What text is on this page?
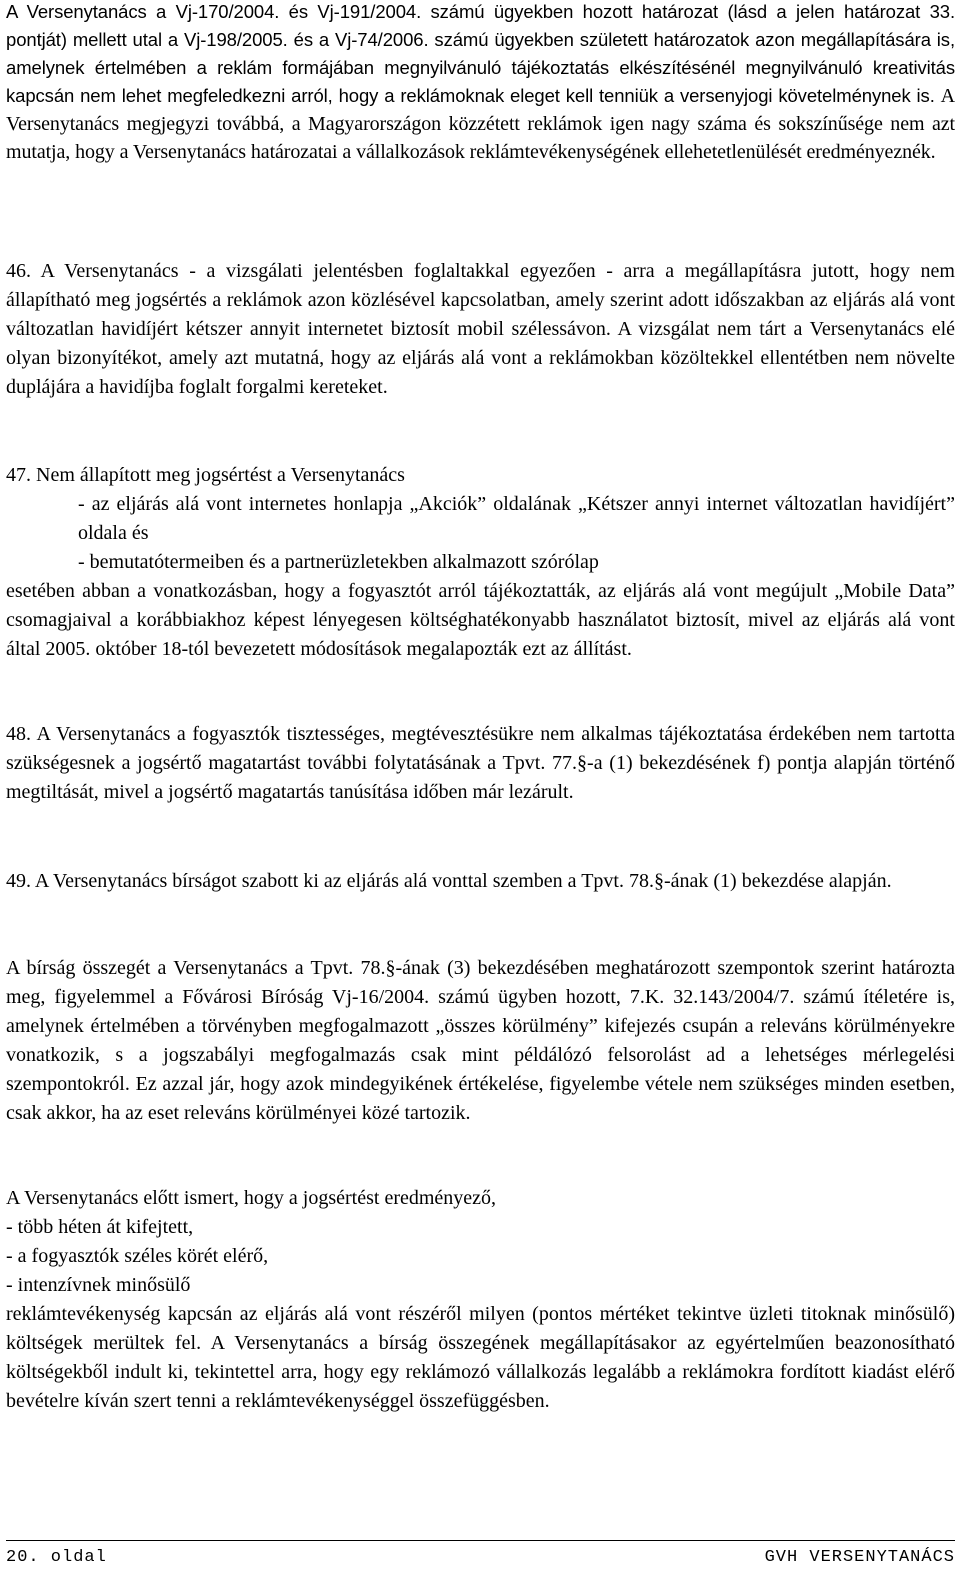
A Versenytanács a Vj-170/2004. és Vj-191/2004. számú ügyekben hozott határozat (lásd a jelen határozat 33. pontját) mellett utal a Vj-198/2005. és a Vj-74/2006. számú ügyekben született határozatok azon megállapítására is, amelynek értelmében a reklám formájában megnyilvánuló tájékoztatás elkészítésénél megnyilvánuló kreativitás kapcsán nem lehet megfeledkezni arról, hogy a reklámoknak eleget kell tenniük a versenyjogi követelménynek is. A Versenytanács megjegyzi továbbá, a Magyarországon közzétett reklámok igen nagy száma és sokszínűsége nem azt mutatja, hogy a Versenytanács határozatai a vállalkozások reklámtevékenységének ellehetetlenülését eredményeznék.

46. A Versenytanács - a vizsgálati jelentésben foglaltakkal egyezően - arra a megállapításra jutott, hogy nem állapítható meg jogsértés a reklámok azon közlésével kapcsolatban, amely szerint adott időszakban az eljárás alá vont változatlan havidíjért kétszer annyit internetet biztosít mobil szélessávon. A vizsgálat nem tárt a Versenytanács elé olyan bizonyítékot, amely azt mutatná, hogy az eljárás alá vont a reklámokban közöltekkel ellentétben nem növelte duplájára a havidíjba foglalt forgalmi kereteket.

47. Nem állapított meg jogsértést a Versenytanács
- az eljárás alá vont internetes honlapja „Akciók” oldalának „Kétszer annyi internet változatlan havidíjért” oldala és
- bemutatótermeiben és a partnerüzletekben alkalmazott szórólap
esetében abban a vonatkozásban, hogy a fogyasztót arról tájékoztatták, az eljárás alá vont megújult „Mobile Data” csomagjaival a korábbiakhoz képest lényegesen költséghatékonyabb használatot biztosít, mivel az eljárás alá vont által 2005. október 18-tól bevezetett módosítások megalapozták ezt az állítást.

48. A Versenytanács a fogyasztók tisztességes, megtévesztésükre nem alkalmas tájékoztatása érdekében nem tartotta szükségesnek a jogsértő magatartást további folytatásának a Tpvt. 77.§-a (1) bekezdésének f) pontja alapján történő megtiltását, mivel a jogsértő magatartás tanúsítása időben már lezárult.

49. A Versenytanács bírságot szabott ki az eljárás alá vonttal szemben a Tpvt. 78.§-ának (1) bekezdése alapján.

A bírság összegét a Versenytanács a Tpvt. 78.§-ának (3) bekezdésében meghatározott szempontok szerint határozta meg, figyelemmel a Fővárosi Bíróság Vj-16/2004. számú ügyben hozott, 7.K. 32.143/2004/7. számú ítéletére is, amelynek értelmében a törvényben megfogalmazott „összes körülmény” kifejezés csupán a releváns körülményekre vonatkozik, s a jogszabályi megfogalmazás csak mint példálózó felsorolást ad a lehetséges mérlegelési szempontokról. Ez azzal jár, hogy azok mindegyikének értékelése, figyelembe vétele nem szükséges minden esetben, csak akkor, ha az eset releváns körülményei közé tartozik.

A Versenytanács előtt ismert, hogy a jogsértést eredményező,
- több héten át kifejtett,
- a fogyasztók széles körét elérő,
- intenzívnek minősülő
reklámtevékenység kapcsán az eljárás alá vont részéről milyen (pontos mértéket tekintve üzleti titoknak minősülő) költségek merültek fel. A Versenytanács a bírság összegének megállapításakor az egyértelműen beazonosítható költségekből indult ki, tekintettel arra, hogy egy reklámozó vállalkozás legalább a reklámokra fordított kiadást elérő bevételre kíván szert tenni a reklámtevékenységgel összefüggésben.
20. oldal	GVH VERSENYTANÁCS
